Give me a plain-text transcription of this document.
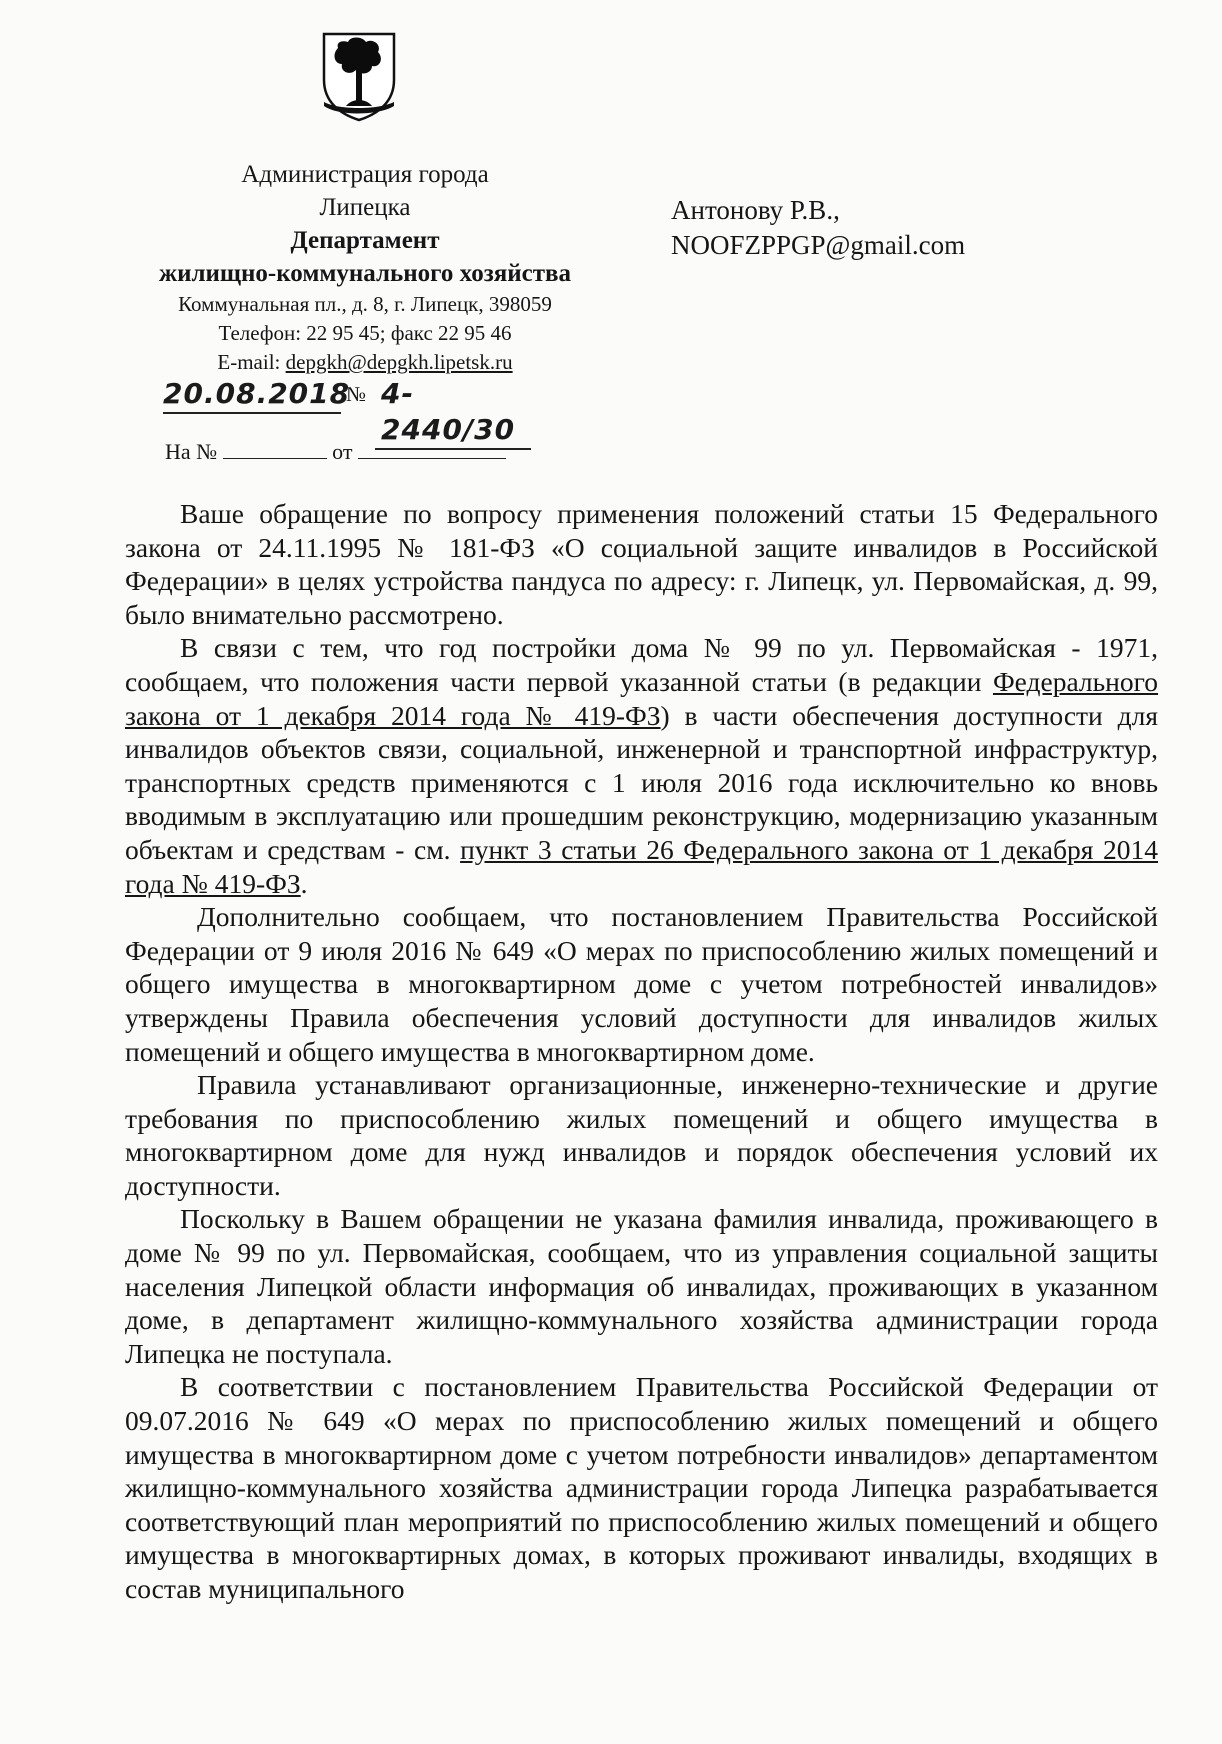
Администрация города
Липецка
Департамент
жилищно-коммунального хозяйства
Коммунальная пл., д. 8, г. Липецк, 398059
Телефон: 22 95 45; факс 22 95 46
E-mail: depgkh@depgkh.lipetsk.ru
Антонову Р.В.,
NOOFZPPGP@gmail.com
20.08.2018
№ 4-2440/30
На №	от

Ваше обращение по вопросу применения положений статьи 15 Федерального закона от 24.11.1995 № 181-ФЗ «О социальной защите инвалидов в Российской Федерации» в целях устройства пандуса по адресу: г. Липецк, ул. Первомайская, д. 99, было внимательно рассмотрено.

В связи с тем, что год постройки дома № 99 по ул. Первомайская - 1971, сообщаем, что положения части первой указанной статьи (в редакции Федерального закона от 1 декабря 2014 года № 419-ФЗ) в части обеспечения доступности для инвалидов объектов связи, социальной, инженерной и транспортной инфраструктур, транспортных средств применяются с 1 июля 2016 года исключительно ко вновь вводимым в эксплуатацию или прошедшим реконструкцию, модернизацию указанным объектам и средствам - см. пункт 3 статьи 26 Федерального закона от 1 декабря 2014 года № 419-ФЗ.

Дополнительно сообщаем, что постановлением Правительства Российской Федерации от 9 июля 2016 № 649 «О мерах по приспособлению жилых помещений и общего имущества в многоквартирном доме с учетом потребностей инвалидов» утверждены Правила обеспечения условий доступности для инвалидов жилых помещений и общего имущества в многоквартирном доме.

Правила устанавливают организационные, инженерно-технические и другие требования по приспособлению жилых помещений и общего имущества в многоквартирном доме для нужд инвалидов и порядок обеспечения условий их доступности.

Поскольку в Вашем обращении не указана фамилия инвалида, проживающего в доме № 99 по ул. Первомайская, сообщаем, что из управления социальной защиты населения Липецкой области информация об инвалидах, проживающих в указанном доме, в департамент жилищно-коммунального хозяйства администрации города Липецка не поступала.

В соответствии с постановлением Правительства Российской Федерации от 09.07.2016 № 649 «О мерах по приспособлению жилых помещений и общего имущества в многоквартирном доме с учетом потребности инвалидов» департаментом жилищно-коммунального хозяйства администрации города Липецка разрабатывается соответствующий план мероприятий по приспособлению жилых помещений и общего имущества в многоквартирных домах, в которых проживают инвалиды, входящих в состав муниципального
